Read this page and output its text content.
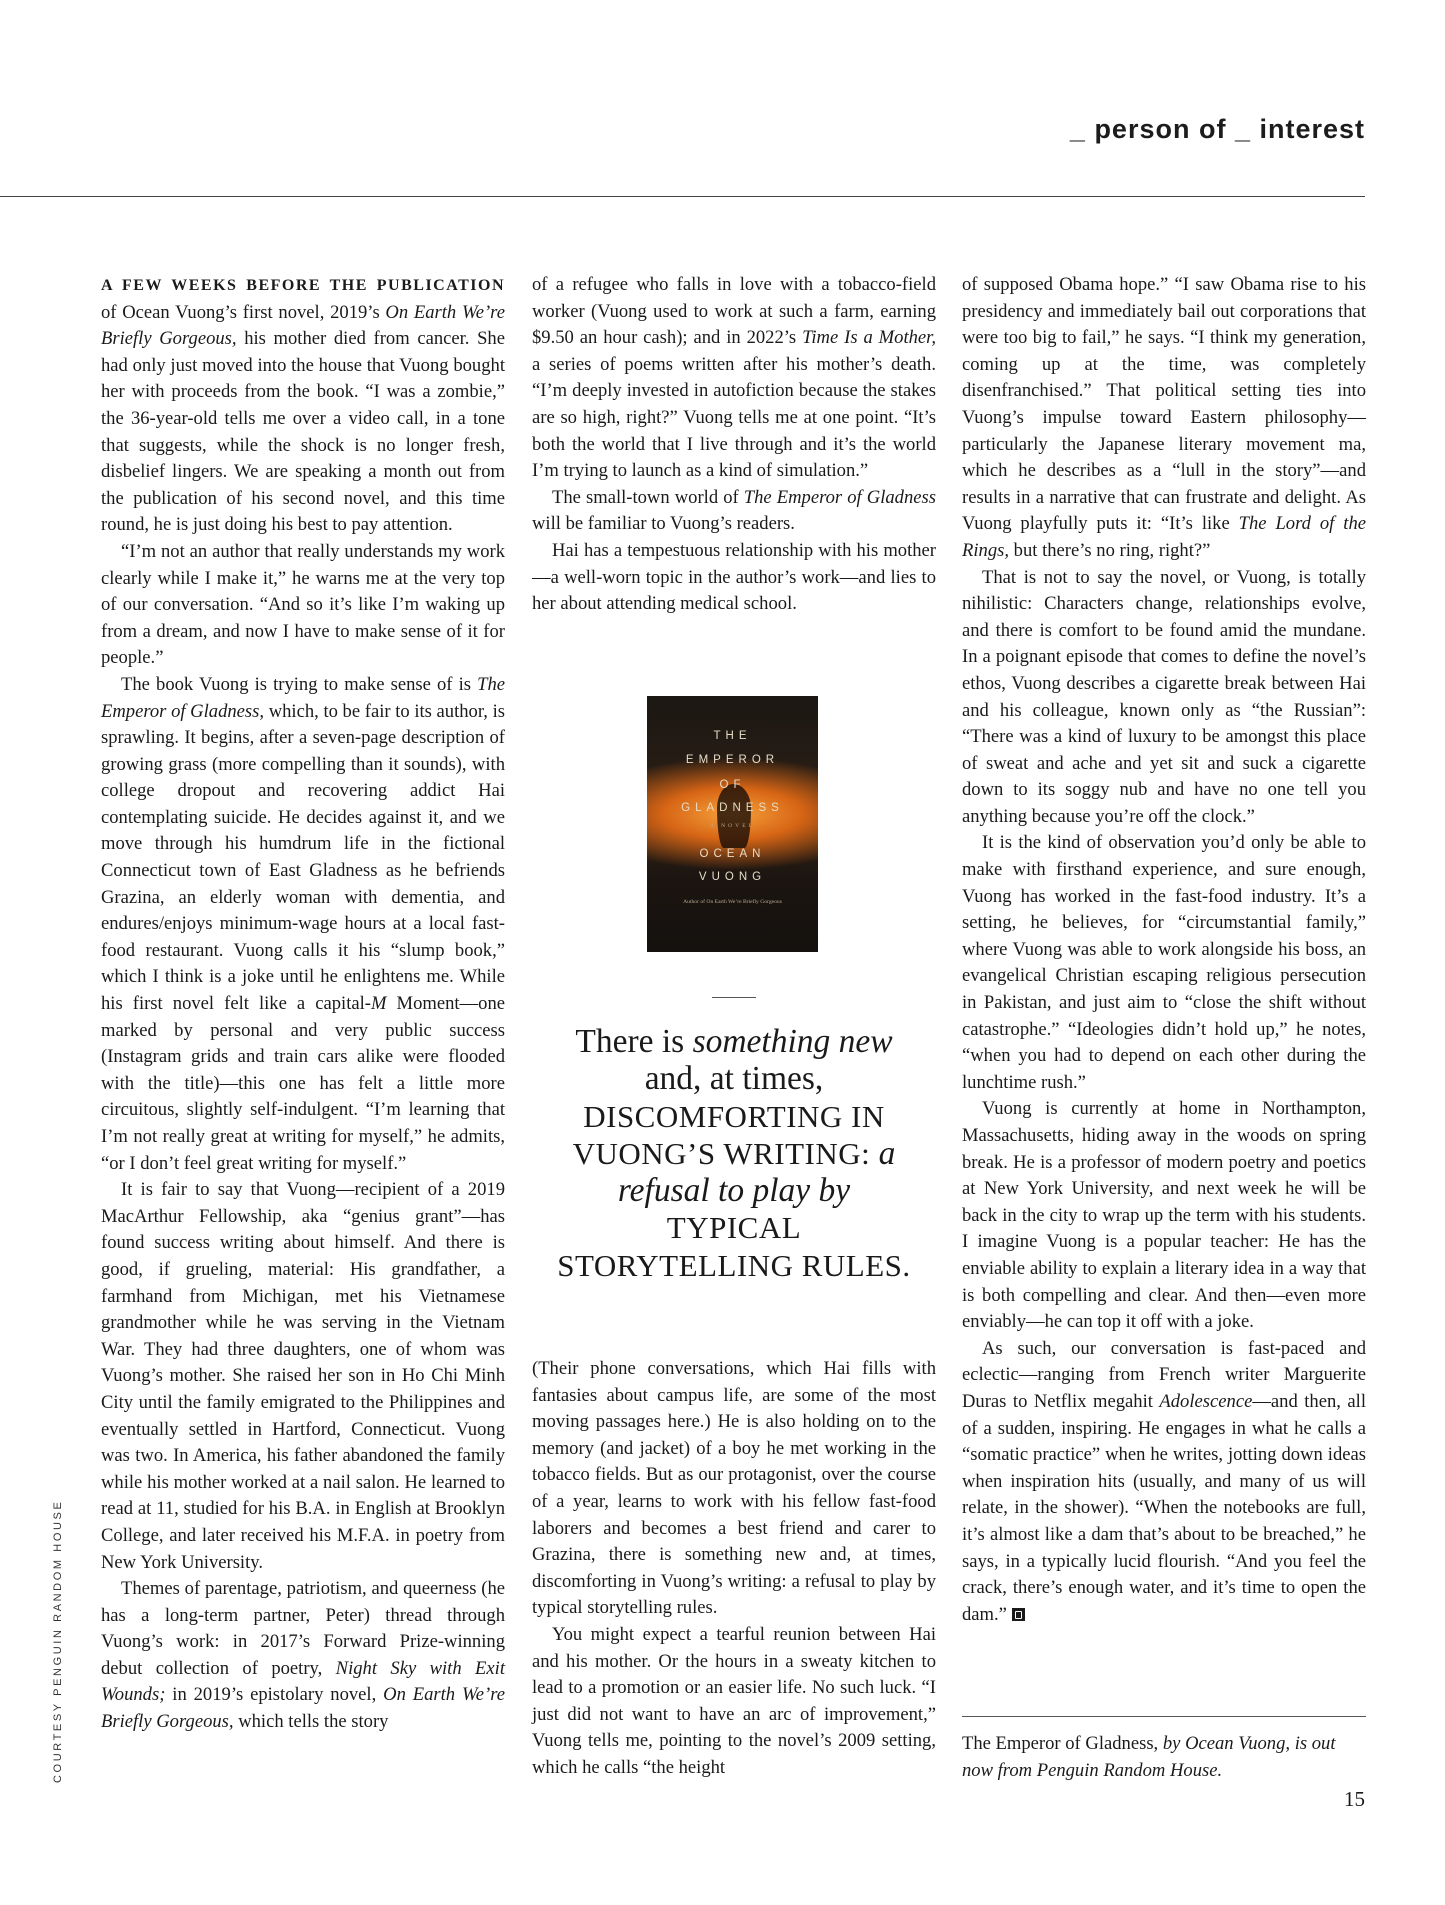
_ person of _ interest
COURTESY PENGUIN RANDOM HOUSE

A FEW WEEKS BEFORE THE PUBLICATION of Ocean Vuong’s first novel, 2019’s On Earth We’re Briefly Gorgeous, his mother died from cancer. She had only just moved into the house that Vuong bought her with proceeds from the book. “I was a zombie,” the 36-year-old tells me over a video call, in a tone that suggests, while the shock is no longer fresh, disbelief lingers. We are speaking a month out from the publication of his second novel, and this time round, he is just doing his best to pay attention.

“I’m not an author that really understands my work clearly while I make it,” he warns me at the very top of our conversation. “And so it’s like I’m waking up from a dream, and now I have to make sense of it for people.”

The book Vuong is trying to make sense of is The Emperor of Gladness, which, to be fair to its author, is sprawling. It begins, after a seven-page description of growing grass (more compelling than it sounds), with college dropout and recovering addict Hai contemplating suicide. He decides against it, and we move through his humdrum life in the fictional Connecticut town of East Gladness as he befriends Grazina, an elderly woman with dementia, and endures/enjoys minimum-wage hours at a local fast-food restaurant. Vuong calls it his “slump book,” which I think is a joke until he enlightens me. While his first novel felt like a capital-M Moment—one marked by personal and very public success (Instagram grids and train cars alike were flooded with the title)—this one has felt a little more circuitous, slightly self-indulgent. “I’m learning that I’m not really great at writing for myself,” he admits, “or I don’t feel great writing for myself.”

It is fair to say that Vuong—recipient of a 2019 MacArthur Fellowship, aka “genius grant”—has found success writing about himself. And there is good, if grueling, material: His grandfather, a farmhand from Michigan, met his Vietnamese grandmother while he was serving in the Vietnam War. They had three daughters, one of whom was Vuong’s mother. She raised her son in Ho Chi Minh City until the family emigrated to the Philippines and eventually settled in Hartford, Connecticut. Vuong was two. In America, his father abandoned the family while his mother worked at a nail salon. He learned to read at 11, studied for his B.A. in English at Brooklyn College, and later received his M.F.A. in poetry from New York University.

Themes of parentage, patriotism, and queerness (he has a long-term partner, Peter) thread through Vuong’s work: in 2017’s Forward Prize-winning debut collection of poetry, Night Sky with Exit Wounds; in 2019’s epistolary novel, On Earth We’re Briefly Gorgeous, which tells the story

of a refugee who falls in love with a tobacco-field worker (Vuong used to work at such a farm, earning $9.50 an hour cash); and in 2022’s Time Is a Mother, a series of poems written after his mother’s death. “I’m deeply invested in autofiction because the stakes are so high, right?” Vuong tells me at one point. “It’s both the world that I live through and it’s the world I’m trying to launch as a kind of simulation.”

The small-town world of The Emperor of Gladness will be familiar to Vuong’s readers.

Hai has a tempestuous relationship with his mother—a well-worn topic in the author’s work—and lies to her about attending medical school.

THE
EMPEROR
OF
GLADNESS
A NOVEL
OCEAN
VUONG
Author of On Earth We’re Briefly Gorgeous
There is something new and, at times, DISCOMFORTING IN VUONG’S WRITING: a refusal to play by TYPICAL STORYTELLING RULES.

(Their phone conversations, which Hai fills with fantasies about campus life, are some of the most moving passages here.) He is also holding on to the memory (and jacket) of a boy he met working in the tobacco fields. But as our protagonist, over the course of a year, learns to work with his fellow fast-food laborers and becomes a best friend and carer to Grazina, there is something new and, at times, discomforting in Vuong’s writing: a refusal to play by typical storytelling rules.

You might expect a tearful reunion between Hai and his mother. Or the hours in a sweaty kitchen to lead to a promotion or an easier life. No such luck. “I just did not want to have an arc of improvement,” Vuong tells me, pointing to the novel’s 2009 setting, which he calls “the height

of supposed Obama hope.” “I saw Obama rise to his presidency and immediately bail out corporations that were too big to fail,” he says. “I think my generation, coming up at the time, was completely disenfranchised.” That political setting ties into Vuong’s impulse toward Eastern philosophy—particularly the Japanese literary movement ma, which he describes as a “lull in the story”—and results in a narrative that can frustrate and delight. As Vuong playfully puts it: “It’s like The Lord of the Rings, but there’s no ring, right?”

That is not to say the novel, or Vuong, is totally nihilistic: Characters change, relationships evolve, and there is comfort to be found amid the mundane. In a poignant episode that comes to define the novel’s ethos, Vuong describes a cigarette break between Hai and his colleague, known only as “the Russian”: “There was a kind of luxury to be amongst this place of sweat and ache and yet sit and suck a cigarette down to its soggy nub and have no one tell you anything because you’re off the clock.”

It is the kind of observation you’d only be able to make with firsthand experience, and sure enough, Vuong has worked in the fast-food industry. It’s a setting, he believes, for “circumstantial family,” where Vuong was able to work alongside his boss, an evangelical Christian escaping religious persecution in Pakistan, and just aim to “close the shift without catastrophe.” “Ideologies didn’t hold up,” he notes, “when you had to depend on each other during the lunchtime rush.”

Vuong is currently at home in Northampton, Massachusetts, hiding away in the woods on spring break. He is a professor of modern poetry and poetics at New York University, and next week he will be back in the city to wrap up the term with his students. I imagine Vuong is a popular teacher: He has the enviable ability to explain a literary idea in a way that is both compelling and clear. And then—even more enviably—he can top it off with a joke.

As such, our conversation is fast-paced and eclectic—ranging from French writer Marguerite Duras to Netflix megahit Adolescence—and then, all of a sudden, inspiring. He engages in what he calls a “somatic practice” when he writes, jotting down ideas when inspiration hits (usually, and many of us will relate, in the shower). “When the notebooks are full, it’s almost like a dam that’s about to be breached,” he says, in a typically lucid flourish. “And you feel the crack, there’s enough water, and it’s time to open the dam.”

The Emperor of Gladness, by Ocean Vuong, is out now from Penguin Random House.
15
